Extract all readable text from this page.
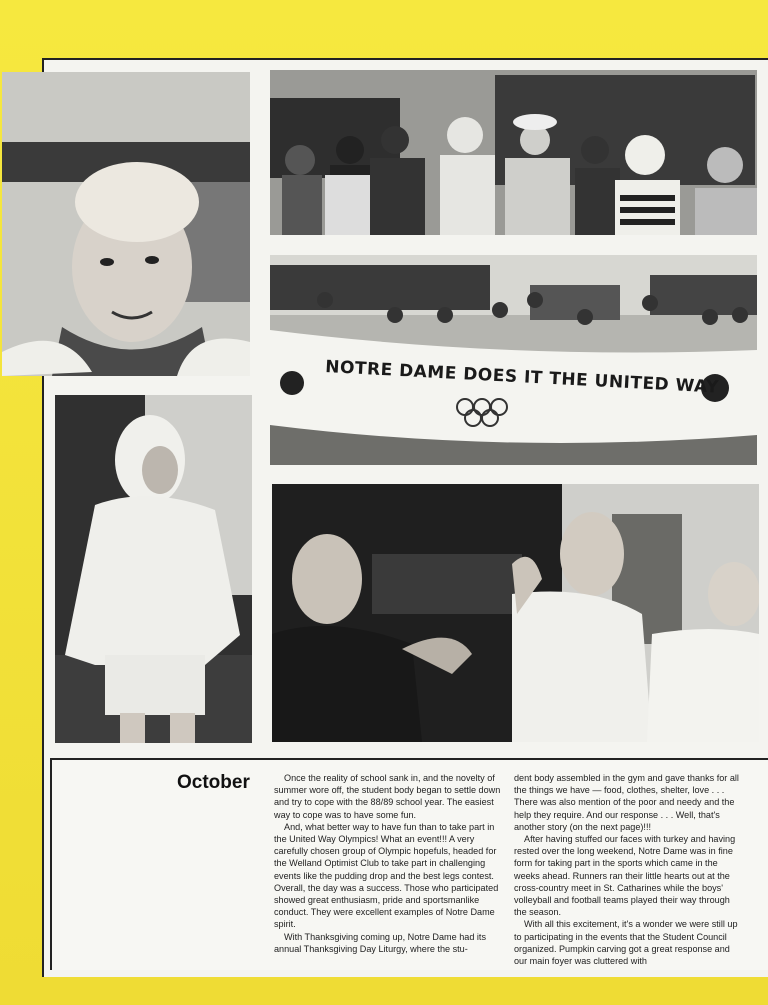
NOTRE DAME DOES IT THE UNITED WAY
October	Once the reality of school sank in, and the novelty of summer wore off, the student body began to settle down and try to cope with the 88/89 school year. The easiest way to cope was to have some fun.

And, what better way to have fun than to take part in the United Way Olympics! What an event!!! A very carefully chosen group of Olympic hopefuls, headed for the Welland Optimist Club to take part in challenging events like the pudding drop and the best legs contest. Overall, the day was a success. Those who participated showed great enthusiasm, pride and sportsmanlike conduct. They were excellent examples of Notre Dame spirit.

With Thanksgiving coming up, Notre Dame had its annual Thanksgiving Day Liturgy, where the stu-

dent body assembled in the gym and gave thanks for all the things we have — food, clothes, shelter, love . . . There was also mention of the poor and needy and the help they require. And our response . . . Well, that's another story (on the next page)!!!

After having stuffed our faces with turkey and having rested over the long weekend, Notre Dame was in fine form for taking part in the sports which came in the weeks ahead. Runners ran their little hearts out at the cross-country meet in St. Catharines while the boys' volleyball and football teams played their way through the season.

With all this excitement, it's a wonder we were still up to participating in the events that the Student Council organized. Pumpkin carving got a great response and our main foyer was cluttered with
